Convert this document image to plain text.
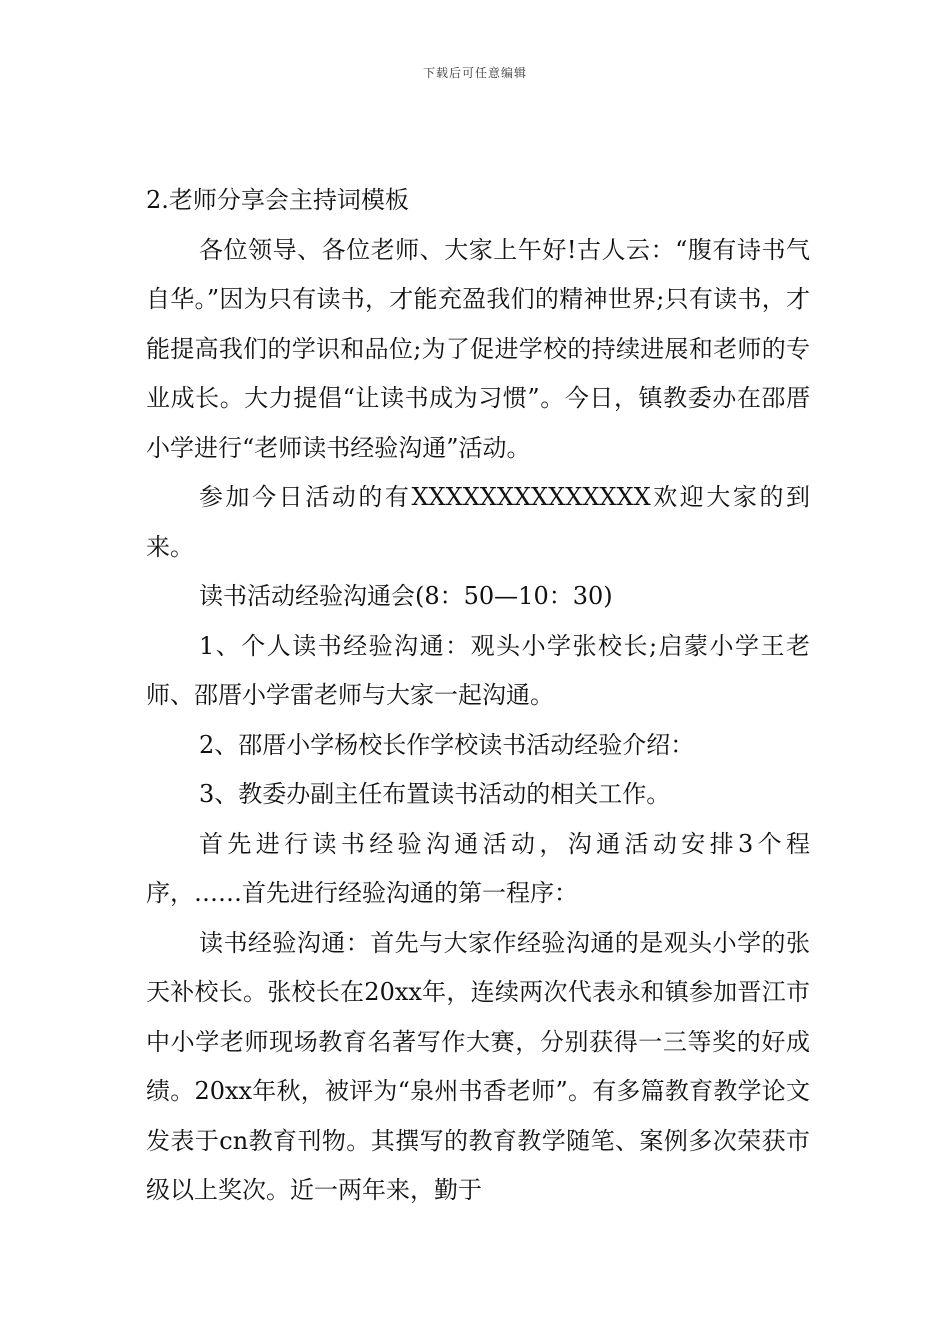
下载后可任意编辑

2.老师分享会主持词模板

各位领导、各位老师、大家上午好!古人云：“腹有诗书气自华。”因为只有读书，才能充盈我们的精神世界;只有读书，才能提高我们的学识和品位;为了促进学校的持续进展和老师的专业成长。大力提倡“让读书成为习惯”。今日，镇教委办在邵厝小学进行“老师读书经验沟通”活动。

参加今日活动的有XXXXXXXXXXXXXX欢迎大家的到来。

读书活动经验沟通会(8：50—10：30)

1、个人读书经验沟通：观头小学张校长;启蒙小学王老师、邵厝小学雷老师与大家一起沟通。

2、邵厝小学杨校长作学校读书活动经验介绍：

3、教委办副主任布置读书活动的相关工作。

首先进行读书经验沟通活动，沟通活动安排3个程序，……首先进行经验沟通的第一程序：

读书经验沟通：首先与大家作经验沟通的是观头小学的张天补校长。张校长在20xx年，连续两次代表永和镇参加晋江市中小学老师现场教育名著写作大赛，分别获得一三等奖的好成绩。20xx年秋，被评为“泉州书香老师”。有多篇教育教学论文发表于cn教育刊物。其撰写的教育教学随笔、案例多次荣获市级以上奖次。近一两年来，勤于
